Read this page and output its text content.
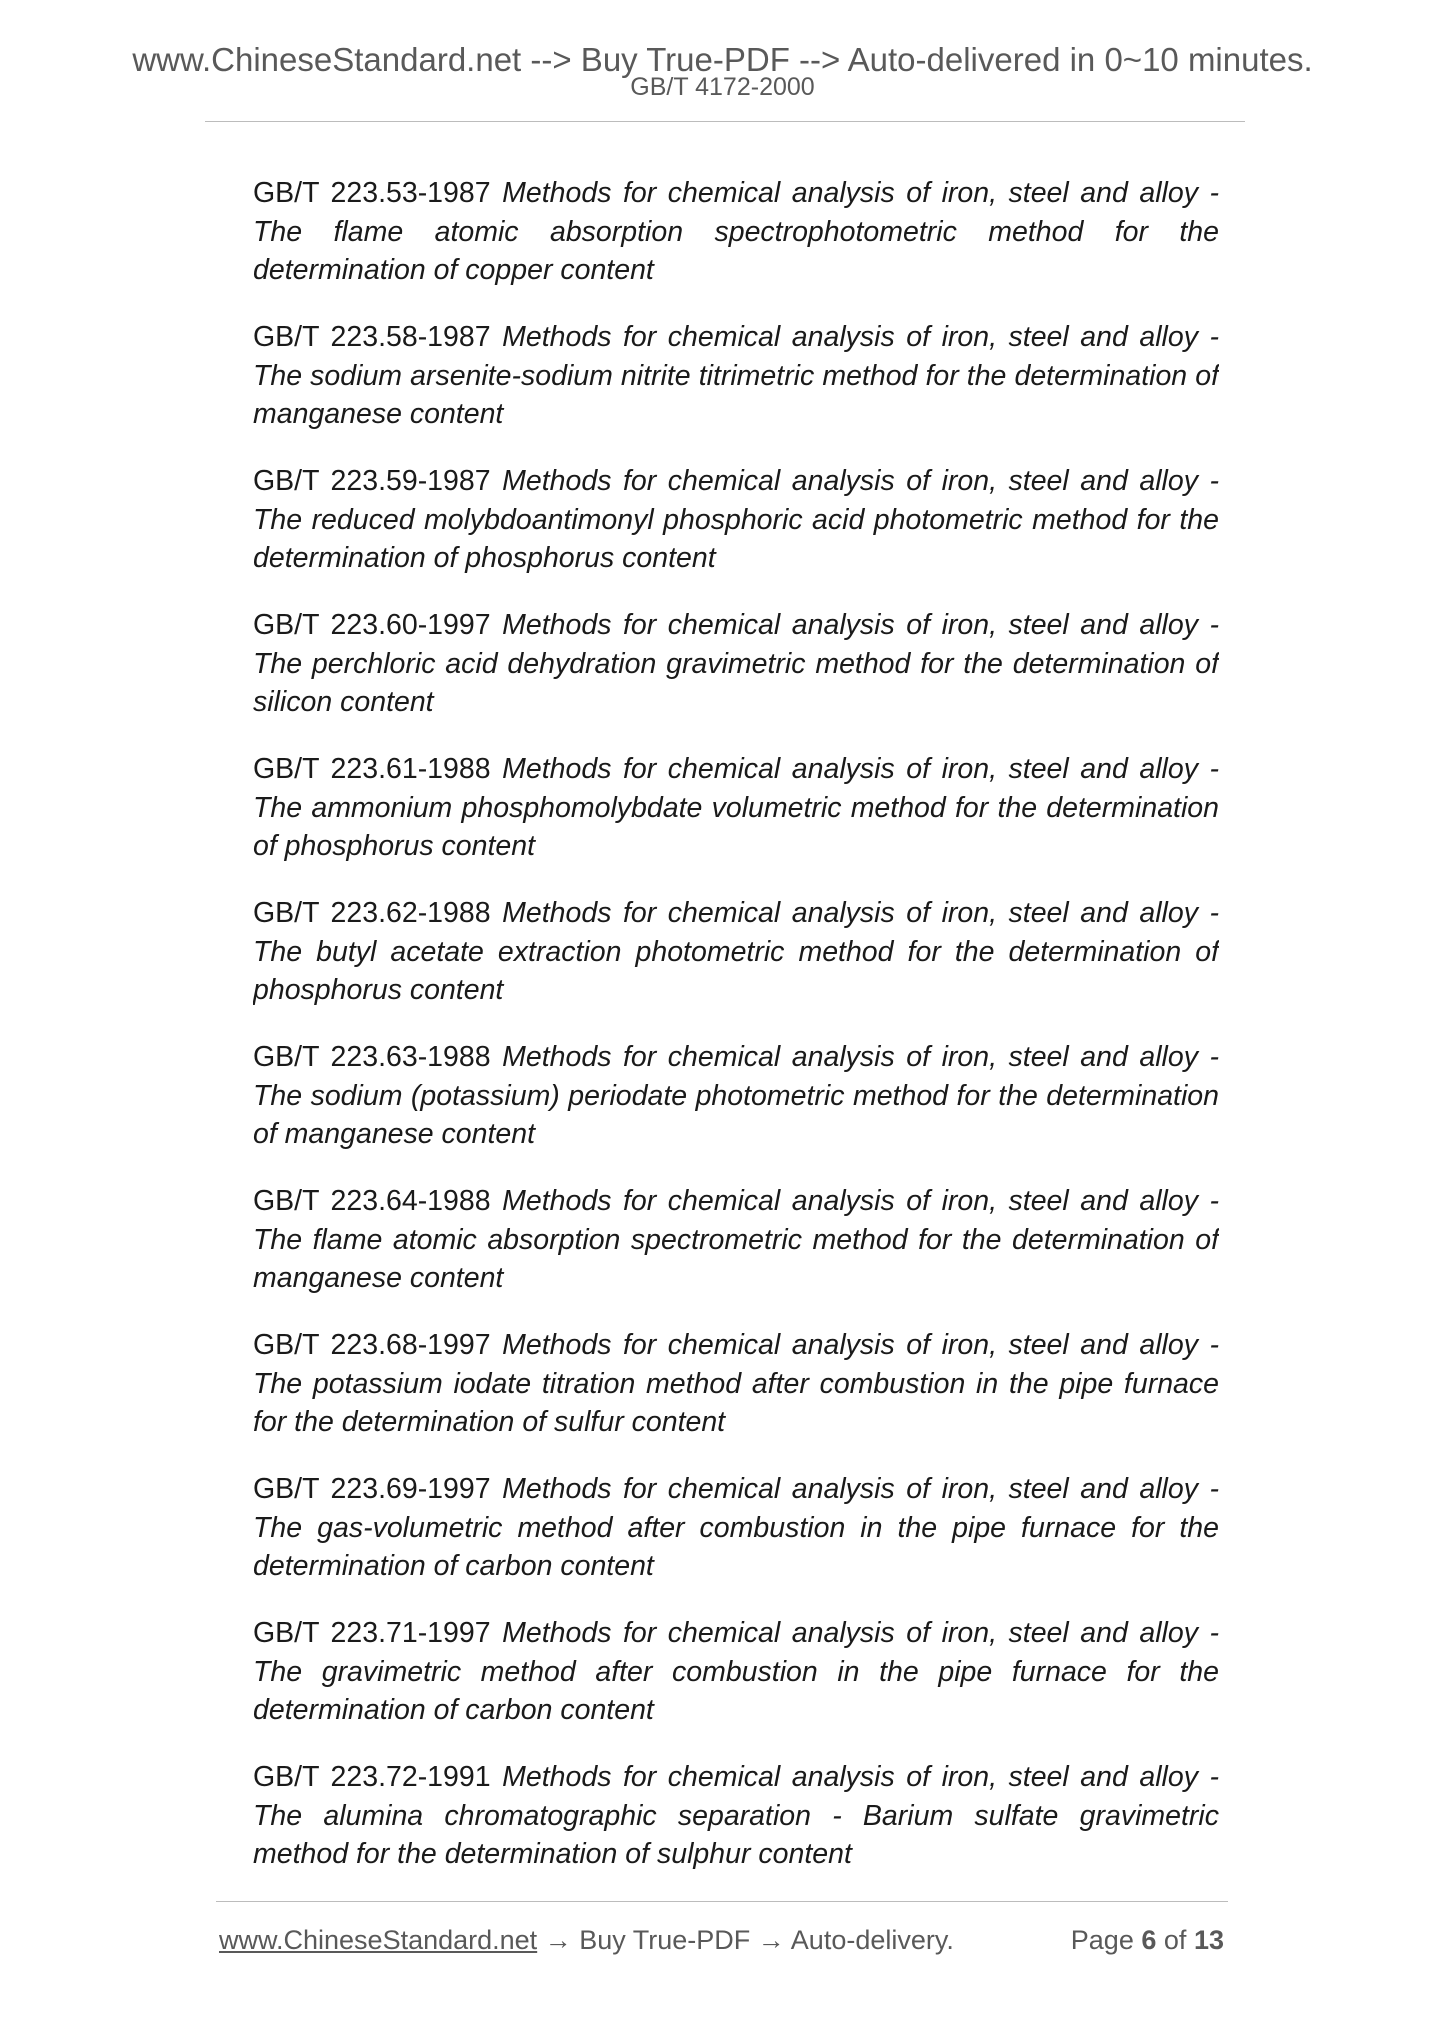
www.ChineseStandard.net --> Buy True-PDF --> Auto-delivered in 0~10 minutes.
GB/T 4172-2000

GB/T 223.53-1987 Methods for chemical analysis of iron, steel and alloy - The flame atomic absorption spectrophotometric method for the determination of copper content

GB/T 223.58-1987 Methods for chemical analysis of iron, steel and alloy - The sodium arsenite-sodium nitrite titrimetric method for the determination of manganese content

GB/T 223.59-1987 Methods for chemical analysis of iron, steel and alloy - The reduced molybdoantimonyl phosphoric acid photometric method for the determination of phosphorus content

GB/T 223.60-1997 Methods for chemical analysis of iron, steel and alloy - The perchloric acid dehydration gravimetric method for the determination of silicon content

GB/T 223.61-1988 Methods for chemical analysis of iron, steel and alloy - The ammonium phosphomolybdate volumetric method for the determination of phosphorus content

GB/T 223.62-1988 Methods for chemical analysis of iron, steel and alloy - The butyl acetate extraction photometric method for the determination of phosphorus content

GB/T 223.63-1988 Methods for chemical analysis of iron, steel and alloy - The sodium (potassium) periodate photometric method for the determination of manganese content

GB/T 223.64-1988 Methods for chemical analysis of iron, steel and alloy - The flame atomic absorption spectrometric method for the determination of manganese content

GB/T 223.68-1997 Methods for chemical analysis of iron, steel and alloy - The potassium iodate titration method after combustion in the pipe furnace for the determination of sulfur content

GB/T 223.69-1997 Methods for chemical analysis of iron, steel and alloy - The gas-volumetric method after combustion in the pipe furnace for the determination of carbon content

GB/T 223.71-1997 Methods for chemical analysis of iron, steel and alloy - The gravimetric method after combustion in the pipe furnace for the determination of carbon content

GB/T 223.72-1991 Methods for chemical analysis of iron, steel and alloy - The alumina chromatographic separation - Barium sulfate gravimetric method for the determination of sulphur content

www.ChineseStandard.net → Buy True-PDF → Auto-delivery.	Page 6 of 13
